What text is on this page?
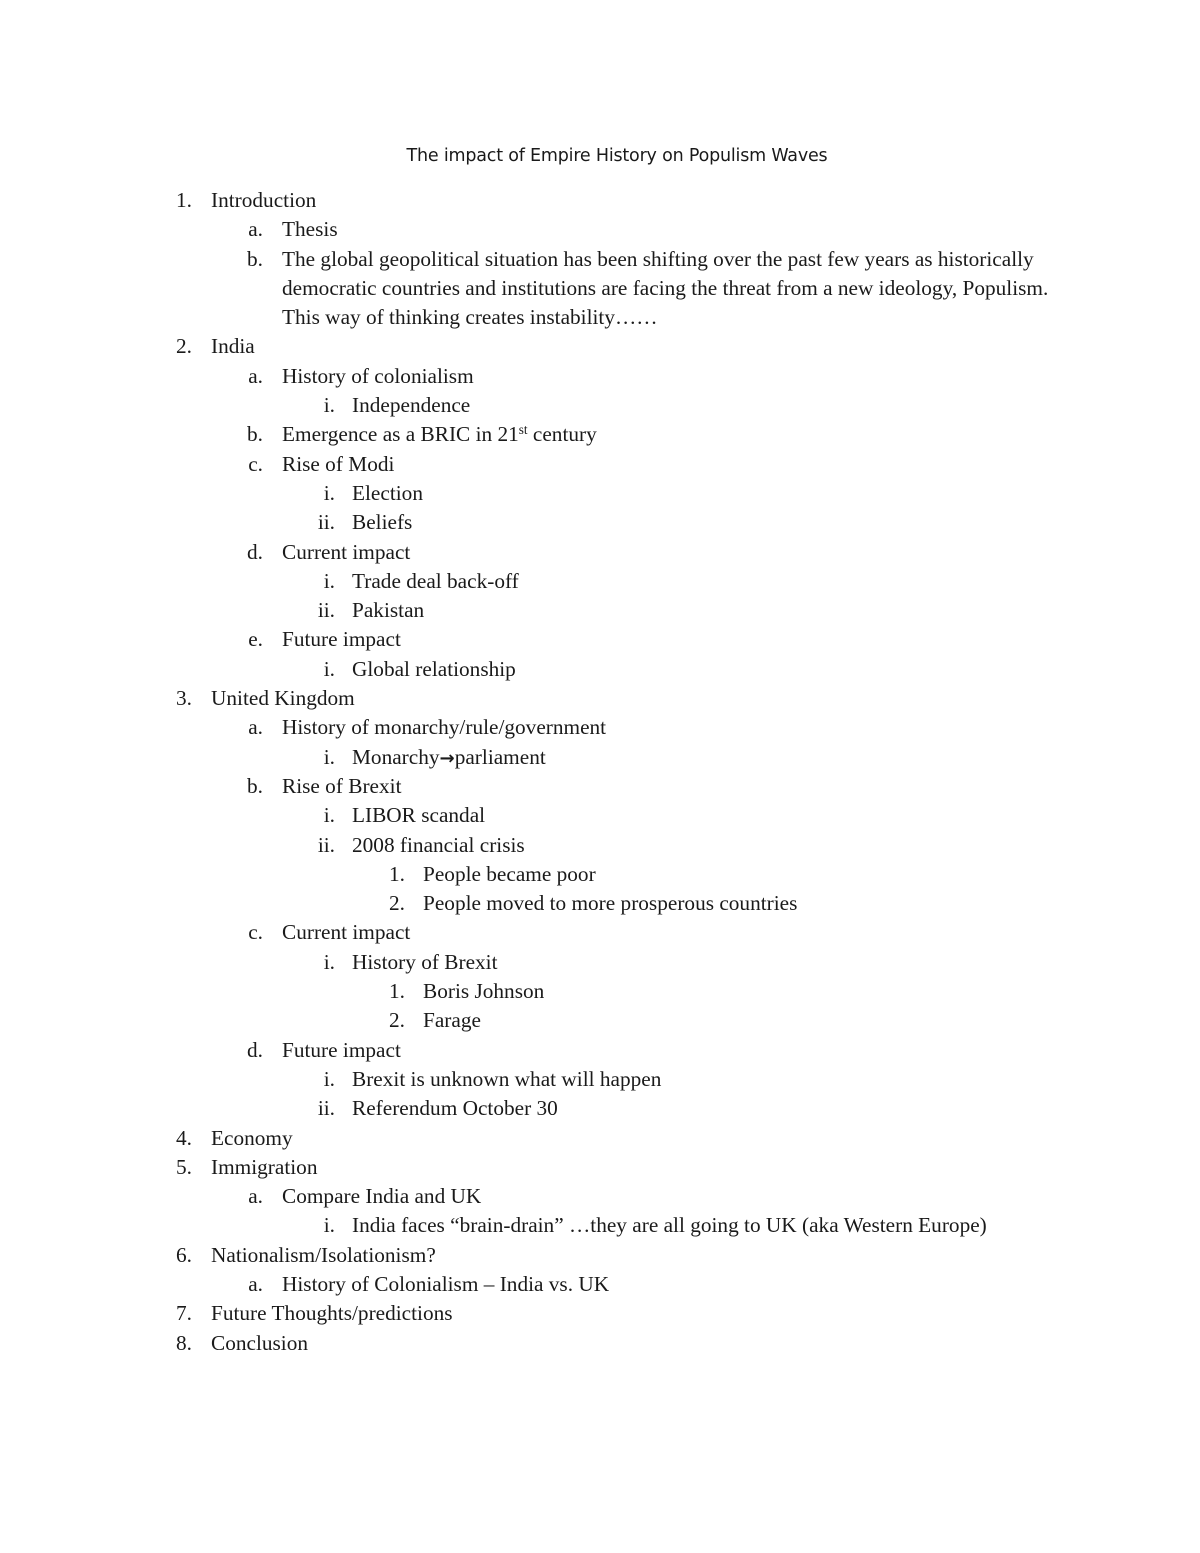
The impact of Empire History on Populism Waves
1. Introduction
a. Thesis
b. The global geopolitical situation has been shifting over the past few years as historically democratic countries and institutions are facing the threat from a new ideology, Populism. This way of thinking creates instability……
2. India
a. History of colonialism
i. Independence
b. Emergence as a BRIC in 21st century
c. Rise of Modi
i. Election
ii. Beliefs
d. Current impact
i. Trade deal back-off
ii. Pakistan
e. Future impact
i. Global relationship
3. United Kingdom
a. History of monarchy/rule/government
i. Monarchy→parliament
b. Rise of Brexit
i. LIBOR scandal
ii. 2008 financial crisis
1. People became poor
2. People moved to more prosperous countries
c. Current impact
i. History of Brexit
1. Boris Johnson
2. Farage
d. Future impact
i. Brexit is unknown what will happen
ii. Referendum October 30
4. Economy
5. Immigration
a. Compare India and UK
i. India faces “brain-drain” …they are all going to UK (aka Western Europe)
6. Nationalism/Isolationism?
a. History of Colonialism – India vs. UK
7. Future Thoughts/predictions
8. Conclusion
